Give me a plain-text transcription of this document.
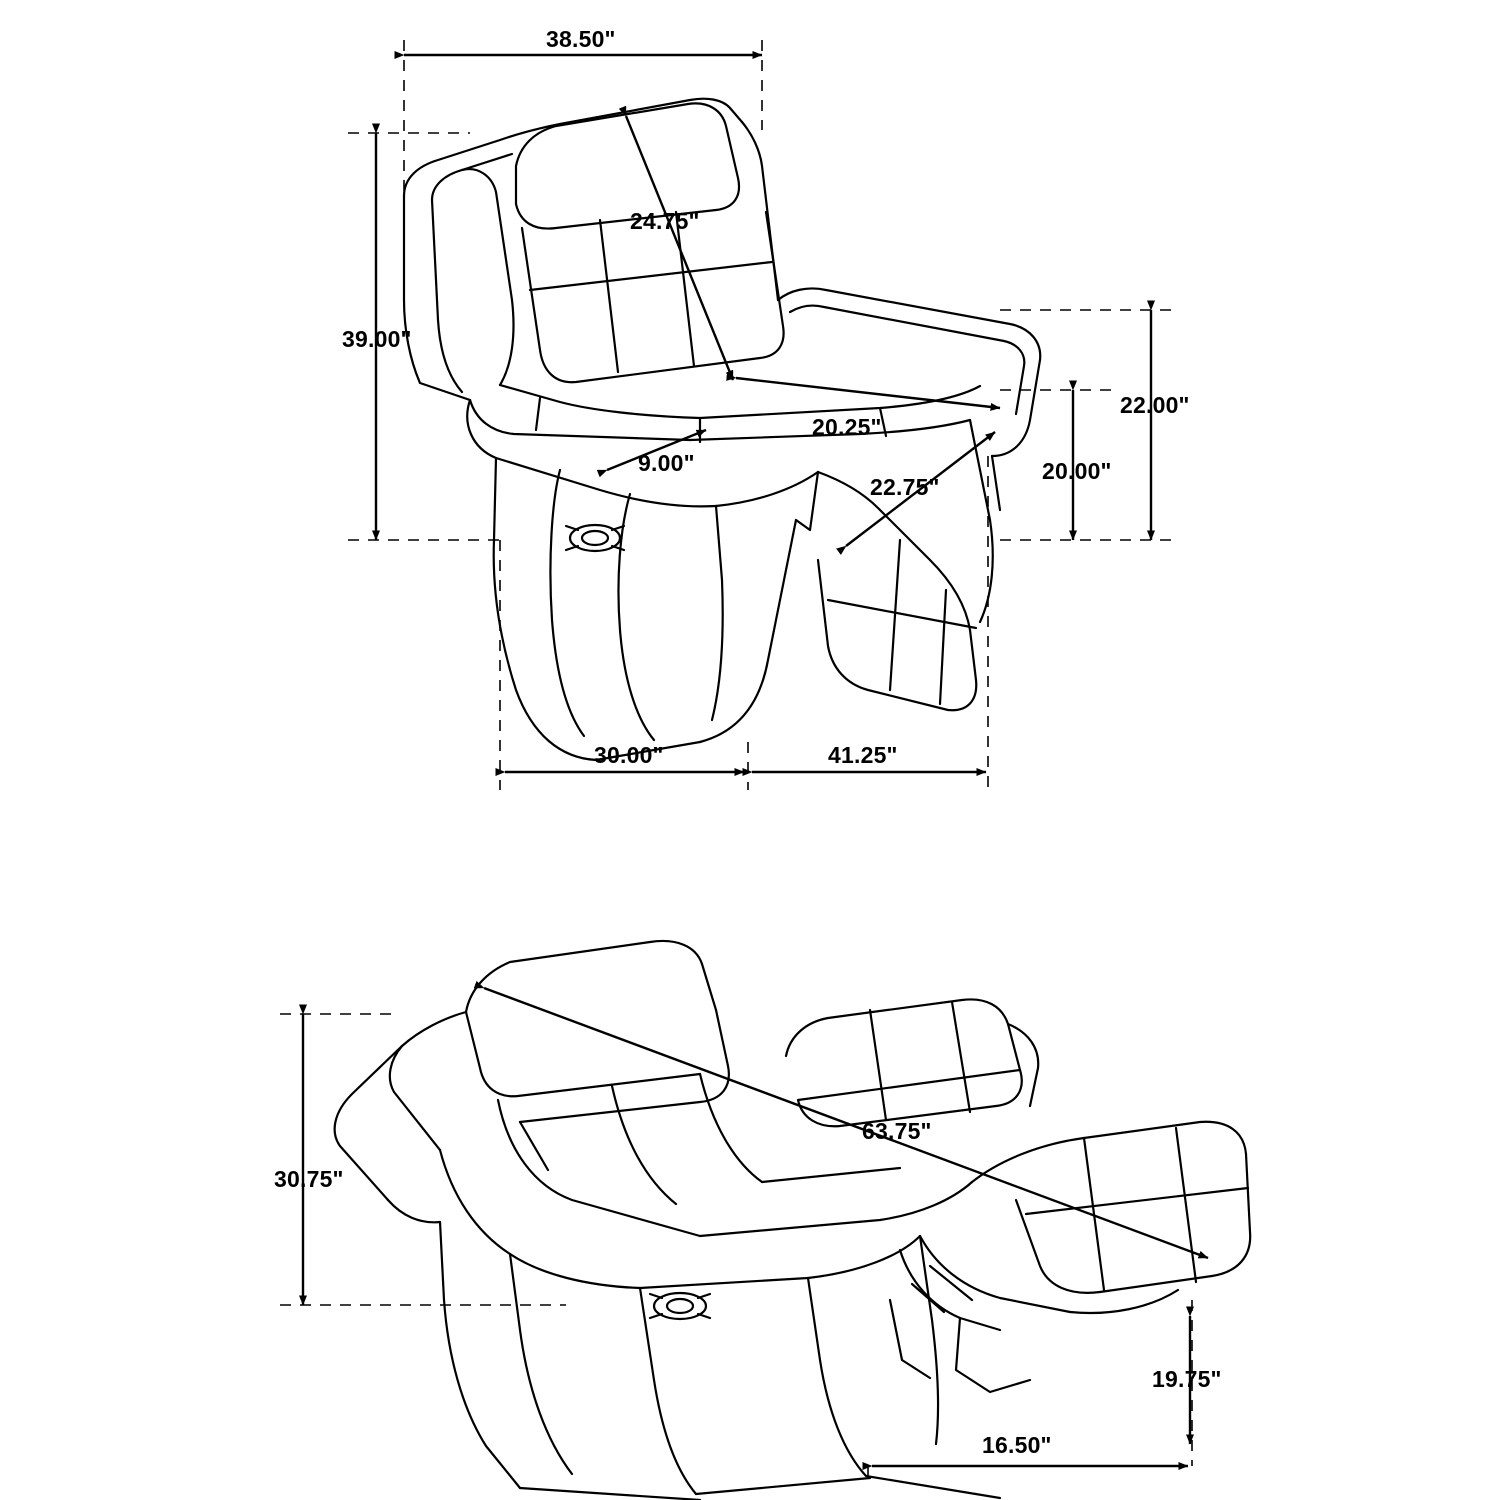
38.50"
24.75"
39.00"
20.25"
9.00"
22.75"
22.00"
20.00"
30.00"	41.25"
30.75"
63.75"
19.75"
16.50"
